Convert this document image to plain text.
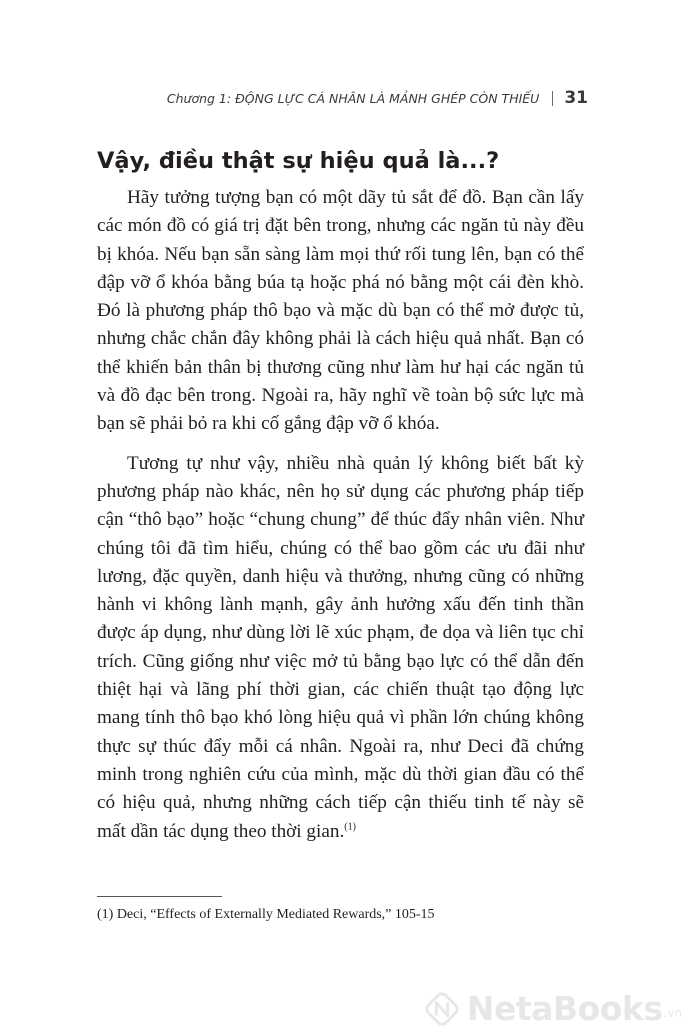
Chương 1: ĐỘNG LỰC CÁ NHÂN LÀ MẢNH GHÉP CÒN THIẾU 31
Vậy, điều thật sự hiệu quả là...?

Hãy tưởng tượng bạn có một dãy tủ sắt để đồ. Bạn cần lấy các món đồ có giá trị đặt bên trong, nhưng các ngăn tủ này đều bị khóa. Nếu bạn sẵn sàng làm mọi thứ rối tung lên, bạn có thể đập vỡ ổ khóa bằng búa tạ hoặc phá nó bằng một cái đèn khò. Đó là phương pháp thô bạo và mặc dù bạn có thể mở được tủ, nhưng chắc chắn đây không phải là cách hiệu quả nhất. Bạn có thể khiến bản thân bị thương cũng như làm hư hại các ngăn tủ và đồ đạc bên trong. Ngoài ra, hãy nghĩ về toàn bộ sức lực mà bạn sẽ phải bỏ ra khi cố gắng đập vỡ ổ khóa.

Tương tự như vậy, nhiều nhà quản lý không biết bất kỳ phương pháp nào khác, nên họ sử dụng các phương pháp tiếp cận “thô bạo” hoặc “chung chung” để thúc đẩy nhân viên. Như chúng tôi đã tìm hiểu, chúng có thể bao gồm các ưu đãi như lương, đặc quyền, danh hiệu và thưởng, nhưng cũng có những hành vi không lành mạnh, gây ảnh hưởng xấu đến tinh thần được áp dụng, như dùng lời lẽ xúc phạm, đe dọa và liên tục chỉ trích. Cũng giống như việc mở tủ bằng bạo lực có thể dẫn đến thiệt hại và lãng phí thời gian, các chiến thuật tạo động lực mang tính thô bạo khó lòng hiệu quả vì phần lớn chúng không thực sự thúc đẩy mỗi cá nhân. Ngoài ra, như Deci đã chứng minh trong nghiên cứu của mình, mặc dù thời gian đầu có thể có hiệu quả, nhưng những cách tiếp cận thiếu tinh tế này sẽ mất dần tác dụng theo thời gian.$^{(1)}$

(1) Deci, “Effects of Externally Mediated Rewards,” 105-15
NetaBooks .vn
